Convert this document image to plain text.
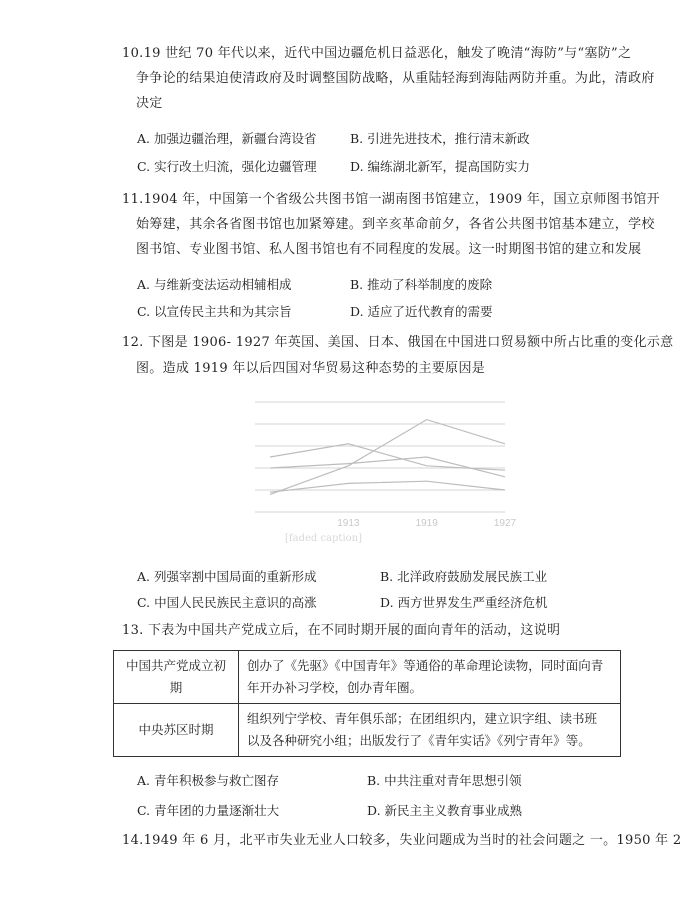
10.19 世纪 70 年代以来，近代中国边疆危机日益恶化，触发了晚清“海防”与“塞防”之
争争论的结果迫使清政府及时调整国防战略，从重陆轻海到海陆两防并重。为此，清政府
决定
A. 加强边疆治理，新疆台湾设省	B. 引进先进技术，推行清末新政
C. 实行改土归流，强化边疆管理	D. 编练湖北新军，提高国防实力
11.1904 年，中国第一个省级公共图书馆一湖南图书馆建立，1909 年，国立京师图书馆开
始筹建，其余各省图书馆也加紧筹建。到辛亥革命前夕，各省公共图书馆基本建立，学校
图书馆、专业图书馆、私人图书馆也有不同程度的发展。这一时期图书馆的建立和发展
A. 与维新变法运动相辅相成	B. 推动了科举制度的废除
C. 以宣传民主共和为其宗旨	D. 适应了近代教育的需要
12. 下图是 1906- 1927 年英国、美国、日本、俄国在中国进口贸易额中所占比重的变化示意
图。造成 1919 年以后四国对华贸易这种态势的主要原因是
1913	1919	1927
[faded caption]
A. 列强宰割中国局面的重新形成	B. 北洋政府鼓励发展民族工业
C. 中国人民民族民主意识的高涨	D. 西方世界发生严重经济危机
13. 下表为中国共产党成立后，在不同时期开展的面向青年的活动，这说明
中国共产党成立初期	创办了《先驱》《中国青年》等通俗的革命理论读物，同时面向青
年开办补习学校，创办青年圈。

中央苏区时期	组织列宁学校、青年俱乐部；在团组织内，建立识字组、读书班
以及各种研究小组；出版发行了《青年实话》《列宁青年》等。
A. 青年积极参与救亡图存	B. 中共注重对青年思想引领
C. 青年团的力量逐渐壮大	D. 新民主主义教育事业成熟
14.1949 年 6 月，北平市失业无业人口较多，失业问题成为当时的社会问题之 一。1950 年 2
